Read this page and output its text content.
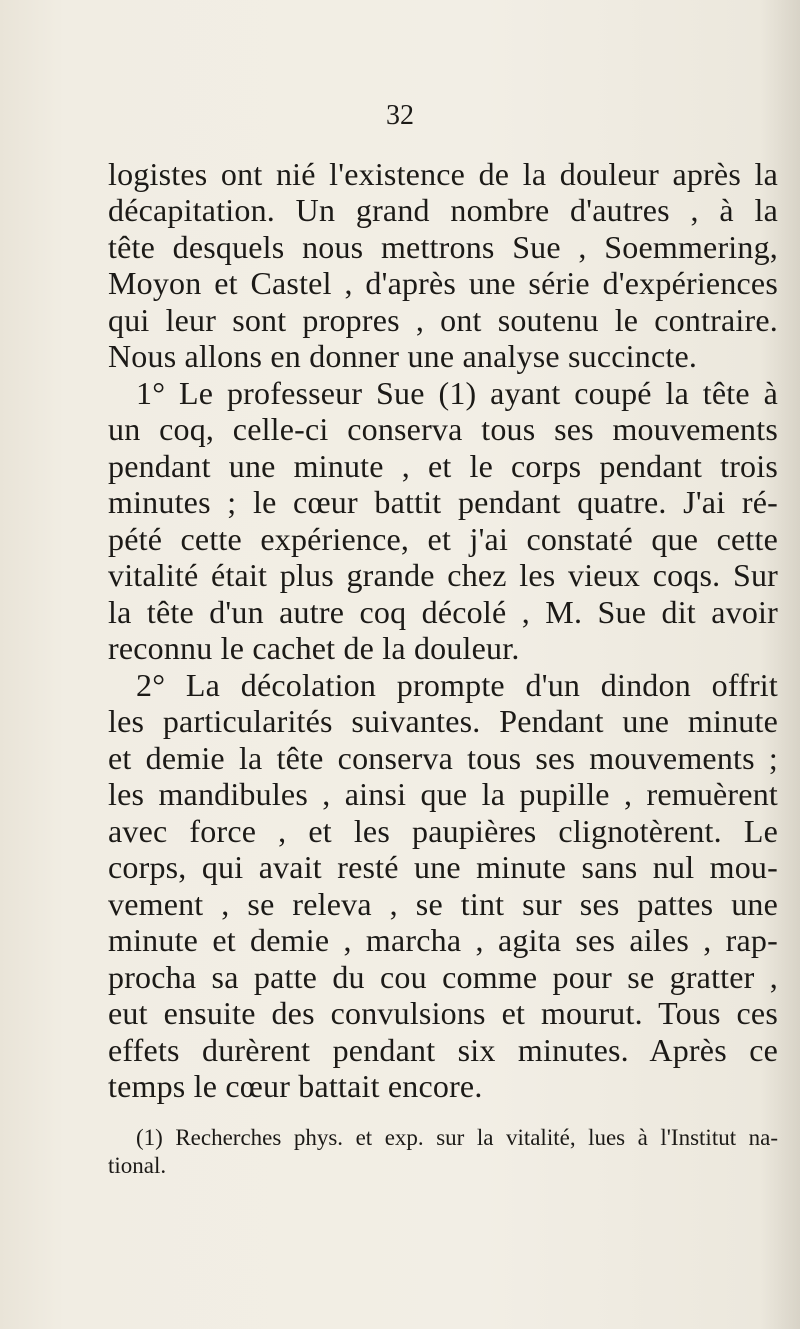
32
logistes ont nié l'existence de la douleur après la
décapitation. Un grand nombre d'autres , à la
tête desquels nous mettrons Sue , Soemmering,
Moyon et Castel , d'après une série d'expériences
qui leur sont propres , ont soutenu le contraire.
Nous allons en donner une analyse succincte.
1° Le professeur Sue (1) ayant coupé la tête à
un coq, celle-ci conserva tous ses mouvements
pendant une minute , et le corps pendant trois
minutes ; le cœur battit pendant quatre. J'ai ré-
pété cette expérience, et j'ai constaté que cette
vitalité était plus grande chez les vieux coqs. Sur
la tête d'un autre coq décolé , M. Sue dit avoir
reconnu le cachet de la douleur.
2° La décolation prompte d'un dindon offrit
les particularités suivantes. Pendant une minute
et demie la tête conserva tous ses mouvements ;
les mandibules , ainsi que la pupille , remuèrent
avec force , et les paupières clignotèrent. Le
corps, qui avait resté une minute sans nul mou-
vement , se releva , se tint sur ses pattes une
minute et demie , marcha , agita ses ailes , rap-
procha sa patte du cou comme pour se gratter ,
eut ensuite des convulsions et mourut. Tous ces
effets durèrent pendant six minutes. Après ce
temps le cœur battait encore.
(1) Recherches phys. et exp. sur la vitalité, lues à l'Institut na-
tional.
